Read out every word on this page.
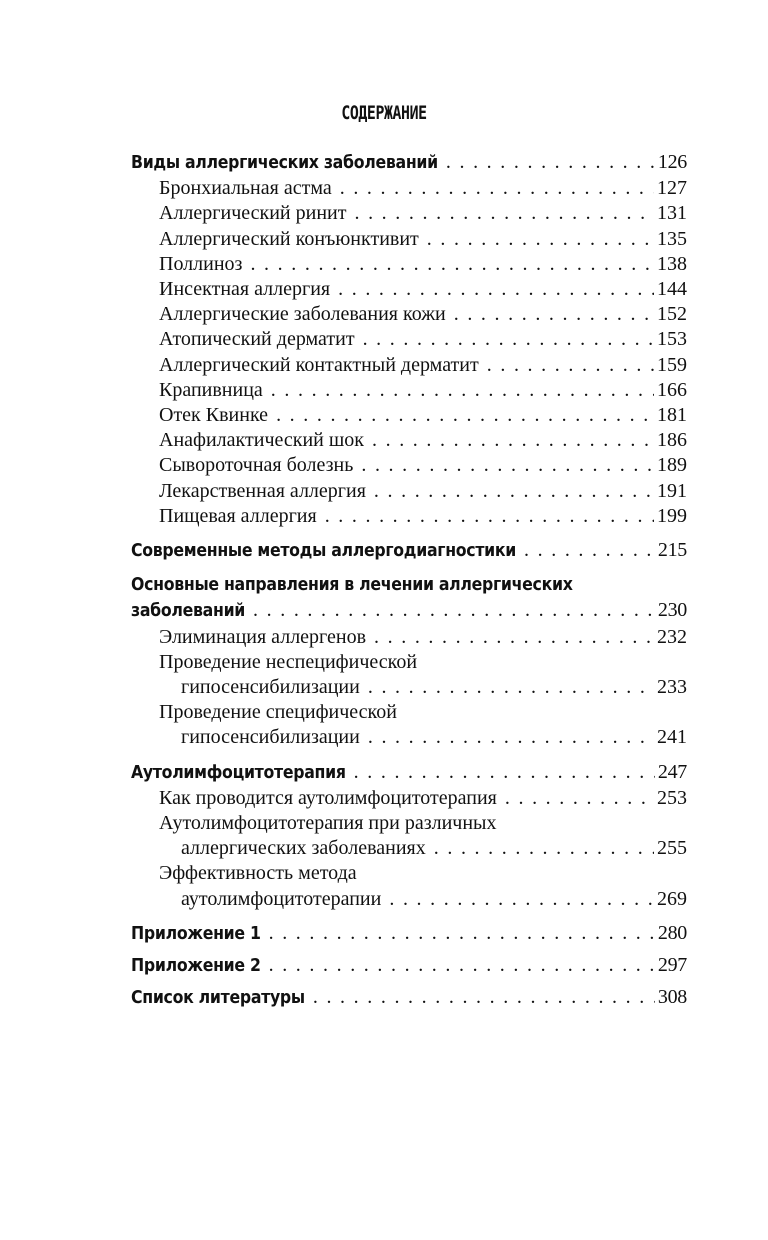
СОДЕРЖАНИЕ
Виды аллергических заболеваний . . .	126
Бронхиальная астма . . .	127
Аллергический ринит . . .	131
Аллергический конъюнктивит . . .	135
Поллиноз . . .	138
Инсектная аллергия . . .	144
Аллергические заболевания кожи . . .	152
Атопический дерматит . . .	153
Аллергический контактный дерматит . . .	159
Крапивница . . .	166
Отек Квинке . . .	181
Анафилактический шок . . .	186
Сывороточная болезнь . . .	189
Лекарственная аллергия . . .	191
Пищевая аллергия . . .	199
Современные методы аллергодиагностики . . .	215
Основные направления в лечении аллергических
заболеваний . . .	230
Элиминация аллергенов . . .	232
Проведение неспецифической
гипосенсибилизации . . .	233
Проведение специфической
гипосенсибилизации . . .	241
Аутолимфоцитотерапия . . .	247
Как проводится аутолимфоцитотерапия . . .	253
Аутолимфоцитотерапия при различных
аллергических заболеваниях . . .	255
Эффективность метода
аутолимфоцитотерапии . . .	269
Приложение 1 . . .	280
Приложение 2 . . .	297
Список литературы . . .	308
